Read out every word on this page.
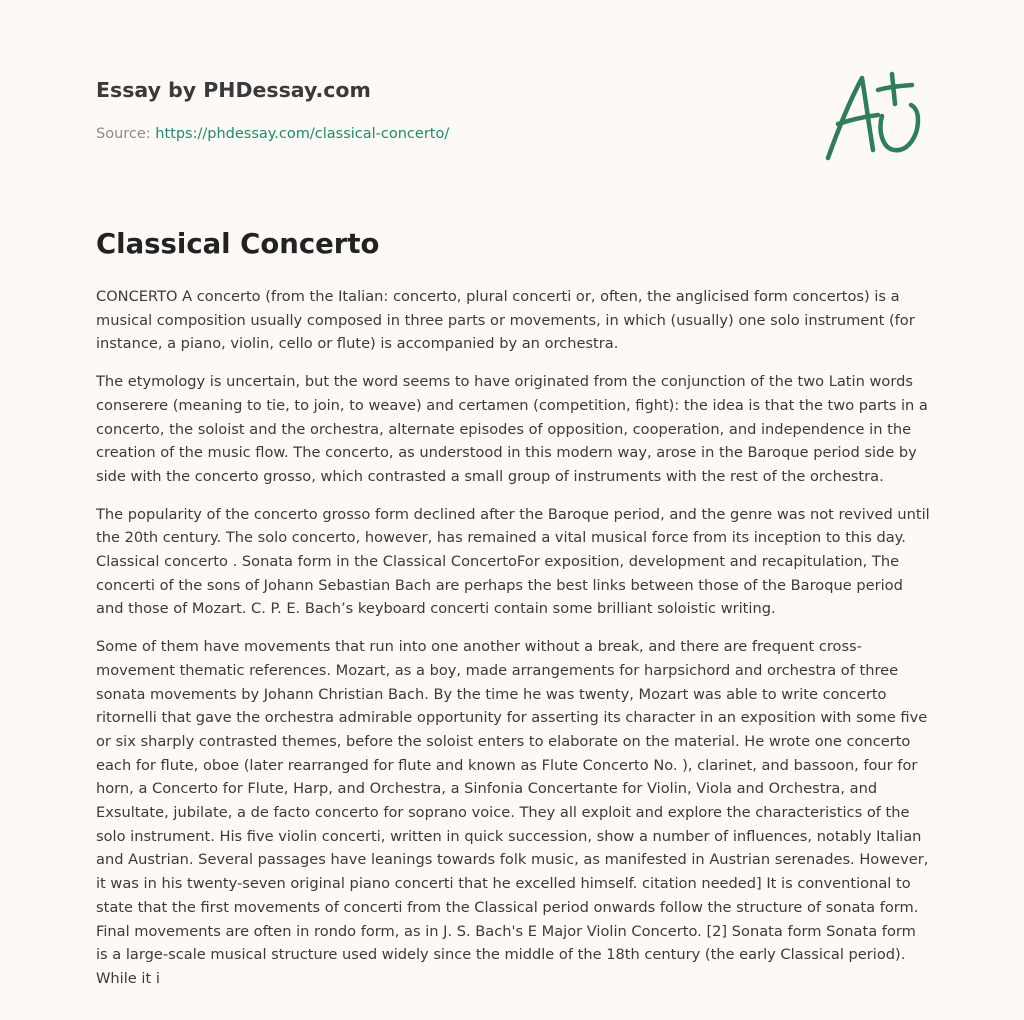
Essay by PHDessay.com
Source: https://phdessay.com/classical-concerto/
Classical Concerto

CONCERTO A concerto (from the Italian: concerto, plural concerti or, often, the anglicised form concertos) is a musical composition usually composed in three parts or movements, in which (usually) one solo instrument (for instance, a piano, violin, cello or flute) is accompanied by an orchestra.

The etymology is uncertain, but the word seems to have originated from the conjunction of the two Latin words conserere (meaning to tie, to join, to weave) and certamen (competition, fight): the idea is that the two parts in a concerto, the soloist and the orchestra, alternate episodes of opposition, cooperation, and independence in the creation of the music flow. The concerto, as understood in this modern way, arose in the Baroque period side by side with the concerto grosso, which contrasted a small group of instruments with the rest of the orchestra.

The popularity of the concerto grosso form declined after the Baroque period, and the genre was not revived until the 20th century. The solo concerto, however, has remained a vital musical force from its inception to this day. Classical concerto . Sonata form in the Classical ConcertoFor exposition, development and recapitulation, The concerti of the sons of Johann Sebastian Bach are perhaps the best links between those of the Baroque period and those of Mozart. C. P. E. Bach’s keyboard concerti contain some brilliant soloistic writing.

Some of them have movements that run into one another without a break, and there are frequent cross-movement thematic references. Mozart, as a boy, made arrangements for harpsichord and orchestra of three sonata movements by Johann Christian Bach. By the time he was twenty, Mozart was able to write concerto ritornelli that gave the orchestra admirable opportunity for asserting its character in an exposition with some five or six sharply contrasted themes, before the soloist enters to elaborate on the material. He wrote one concerto each for flute, oboe (later rearranged for flute and known as Flute Concerto No. ), clarinet, and bassoon, four for horn, a Concerto for Flute, Harp, and Orchestra, a Sinfonia Concertante for Violin, Viola and Orchestra, and Exsultate, jubilate, a de facto concerto for soprano voice. They all exploit and explore the characteristics of the solo instrument. His five violin concerti, written in quick succession, show a number of influences, notably Italian and Austrian. Several passages have leanings towards folk music, as manifested in Austrian serenades. However, it was in his twenty-seven original piano concerti that he excelled himself. citation needed] It is conventional to state that the first movements of concerti from the Classical period onwards follow the structure of sonata form. Final movements are often in rondo form, as in J. S. Bach's E Major Violin Concerto. [2] Sonata form Sonata form is a large-scale musical structure used widely since the middle of the 18th century (the early Classical period). While it i
